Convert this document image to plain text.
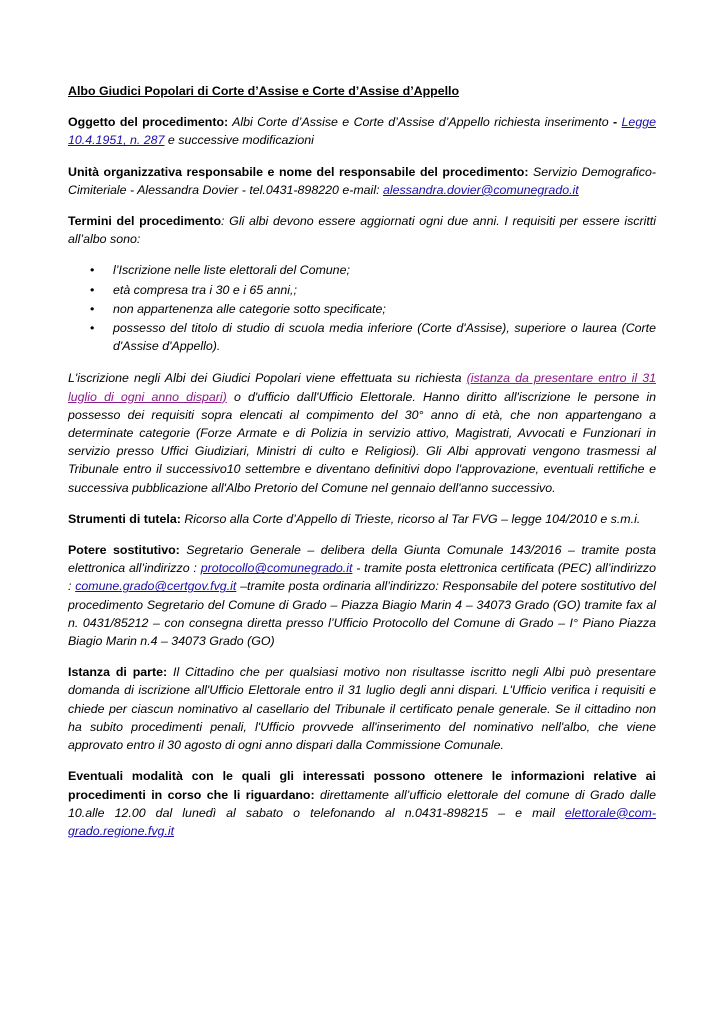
Albo Giudici Popolari di Corte d’Assise e Corte d’Assise d’Appello

Oggetto del procedimento: Albi Corte d’Assise e Corte d’Assise d’Appello richiesta inserimento - Legge 10.4.1951, n. 287 e successive modificazioni

Unità organizzativa responsabile e nome del responsabile del procedimento: Servizio Demografico-Cimiteriale - Alessandra Dovier - tel.0431-898220 e-mail: alessandra.dovier@comunegrado.it

Termini del procedimento: Gli albi devono essere aggiornati ogni due anni. I requisiti per essere iscritti all’albo sono:

• l’Iscrizione nelle liste elettorali del Comune;
• età compresa tra i 30 e i 65 anni,;
• non appartenenza alle categorie sotto specificate;
• possesso del titolo di studio di scuola media inferiore (Corte d'Assise), superiore o laurea (Corte d'Assise d'Appello).

L'iscrizione negli Albi dei Giudici Popolari viene effettuata su richiesta (istanza da presentare entro il 31 luglio di ogni anno dispari) o d'ufficio dall'Ufficio Elettorale. Hanno diritto all'iscrizione le persone in possesso dei requisiti sopra elencati al compimento del 30° anno di età, che non appartengano a determinate categorie (Forze Armate e di Polizia in servizio attivo, Magistrati, Avvocati e Funzionari in servizio presso Uffici Giudiziari, Ministri di culto e Religiosi). Gli Albi approvati vengono trasmessi al Tribunale entro il successivo10 settembre e diventano definitivi dopo l'approvazione, eventuali rettifiche e successiva pubblicazione all'Albo Pretorio del Comune nel gennaio dell'anno successivo.

Strumenti di tutela: Ricorso alla Corte d’Appello di Trieste, ricorso al Tar FVG – legge 104/2010 e s.m.i.

Potere sostitutivo: Segretario Generale – delibera della Giunta Comunale 143/2016 – tramite posta elettronica all’indirizzo : protocollo@comunegrado.it - tramite posta elettronica certificata (PEC) all’indirizzo : comune.grado@certgov.fvg.it –tramite posta ordinaria all’indirizzo: Responsabile del potere sostitutivo del procedimento Segretario del Comune di Grado – Piazza Biagio Marin 4 – 34073 Grado (GO) tramite fax al n. 0431/85212 – con consegna diretta presso l’Ufficio Protocollo del Comune di Grado – I° Piano Piazza Biagio Marin n.4 – 34073 Grado (GO)

Istanza di parte: Il Cittadino che per qualsiasi motivo non risultasse iscritto negli Albi può presentare domanda di iscrizione all'Ufficio Elettorale entro il 31 luglio degli anni dispari. L'Ufficio verifica i requisiti e chiede per ciascun nominativo al casellario del Tribunale il certificato penale generale. Se il cittadino non ha subito procedimenti penali, l'Ufficio provvede all'inserimento del nominativo nell'albo, che viene approvato entro il 30 agosto di ogni anno dispari dalla Commissione Comunale.

Eventuali modalità con le quali gli interessati possono ottenere le informazioni relative ai procedimenti in corso che li riguardano: direttamente all’ufficio elettorale del comune di Grado dalle 10.alle 12.00 dal lunedì al sabato o telefonando al n.0431-898215 – e mail elettorale@com-grado.regione.fvg.it
